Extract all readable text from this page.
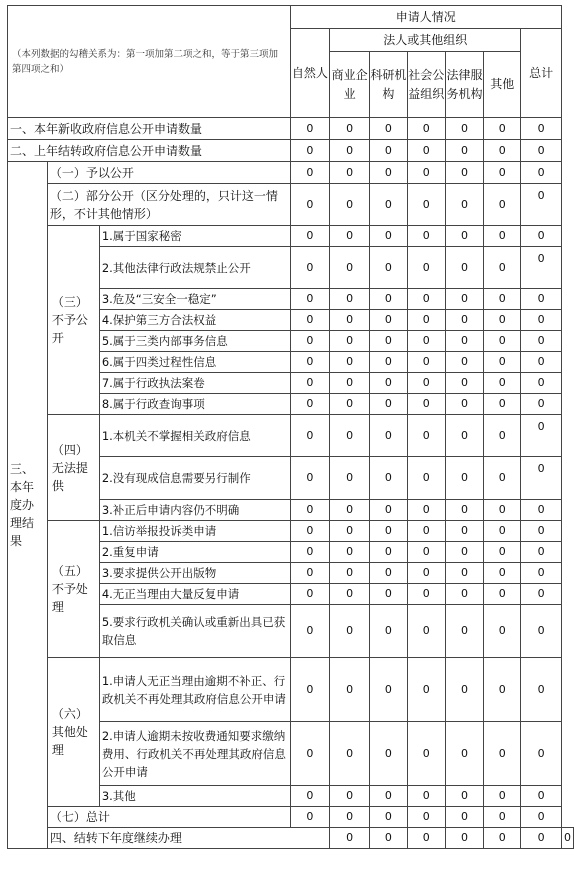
（本列数据的勾稽关系为：第一项加第二项之和，等于第三项加第四项之和）			申请人情况							
			自然人	法人或其他组织					总计	
				商业企业	科研机构	社会公益组织	法律服务机构	其他		
一、本年新收政府信息公开申请数量			0	0	0	0	0	0	0	
二、上年结转政府信息公开申请数量			0	0	0	0	0	0	0	
三、本年度办理结果	（一）予以公开		0	0	0	0	0	0	0	
	（二）部分公开（区分处理的，只计这一情形，不计其他情形）		0	0	0	0	0	0	0	
	（三）不予公开	1.属于国家秘密	0	0	0	0	0	0	0	
		2.其他法律行政法规禁止公开	0	0	0	0	0	0	0	
		3.危及“三安全一稳定”	0	0	0	0	0	0	0	
		4.保护第三方合法权益	0	0	0	0	0	0	0	
		5.属于三类内部事务信息	0	0	0	0	0	0	0	
		6.属于四类过程性信息	0	0	0	0	0	0	0	
		7.属于行政执法案卷	0	0	0	0	0	0	0	
		8.属于行政查询事项	0	0	0	0	0	0	0	
	（四）无法提供	1.本机关不掌握相关政府信息	0	0	0	0	0	0	0	
		2.没有现成信息需要另行制作	0	0	0	0	0	0	0	
		3.补正后申请内容仍不明确	0	0	0	0	0	0	0	
	（五）不予处理	1.信访举报投诉类申请	0	0	0	0	0	0	0	
		2.重复申请	0	0	0	0	0	0	0	
		3.要求提供公开出版物	0	0	0	0	0	0	0	
		4.无正当理由大量反复申请	0	0	0	0	0	0	0	
		5.要求行政机关确认或重新出具已获取信息	0	0	0	0	0	0	0	
	（六）其他处理	1.申请人无正当理由逾期不补正、行政机关不再处理其政府信息公开申请	0	0	0	0	0	0	0	
		2.申请人逾期未按收费通知要求缴纳费用、行政机关不再处理其政府信息公开申请	0	0	0	0	0	0	0	
		3.其他	0	0	0	0	0	0	0	
	（七）总计		0	0	0	0	0	0	0	
	四、结转下年度继续办理			0	0	0	0	0	0	0
